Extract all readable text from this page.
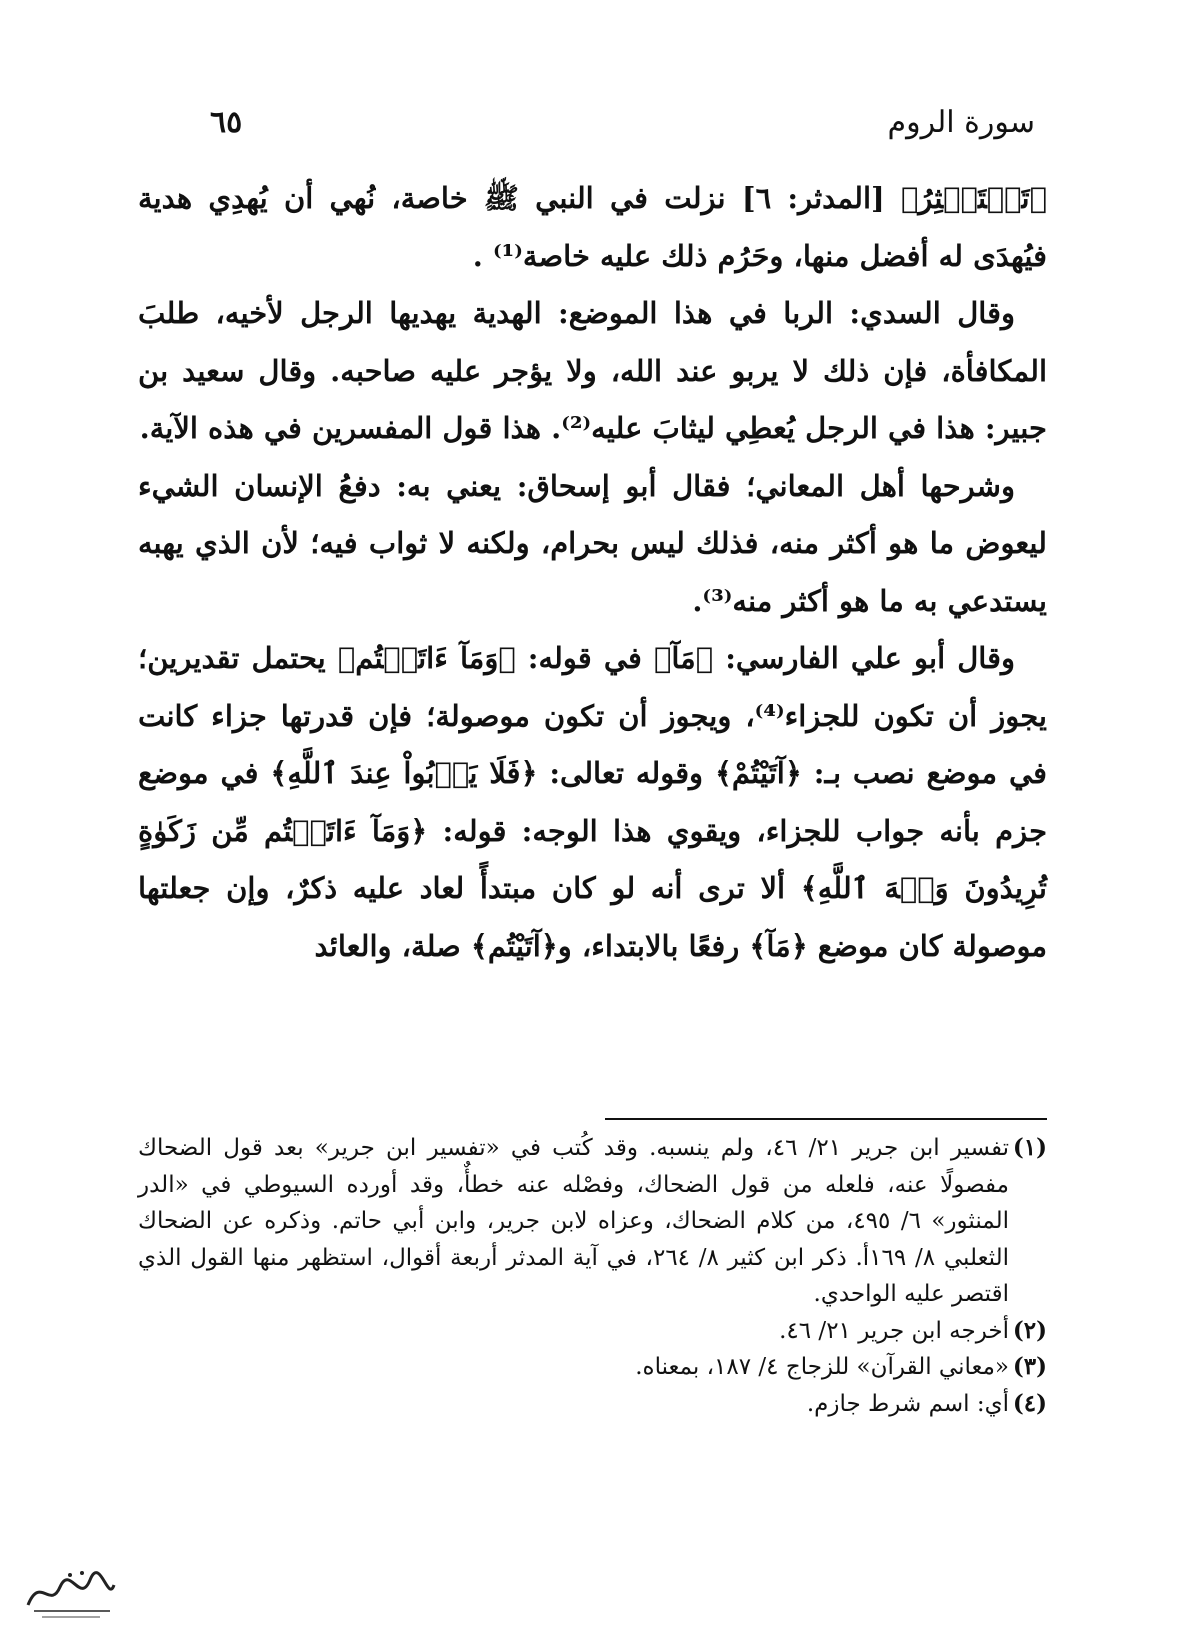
سورة الروم
٦٥

﴿تَسۡتَكۡثِرُ﴾ [المدثر: ٦] نزلت في النبي ﷺ خاصة، نُهي أن يُهدِي هدية فيُهدَى له أفضل منها، وحَرُم ذلك عليه خاصة⁽¹⁾ .

وقال السدي: الربا في هذا الموضع: الهدية يهديها الرجل لأخيه، طلبَ المكافأة، فإن ذلك لا يربو عند الله، ولا يؤجر عليه صاحبه. وقال سعيد بن جبير: هذا في الرجل يُعطِي ليثابَ عليه⁽²⁾. هذا قول المفسرين في هذه الآية.

وشرحها أهل المعاني؛ فقال أبو إسحاق: يعني به: دفعُ الإنسان الشيء ليعوض ما هو أكثر منه، فذلك ليس بحرام، ولكنه لا ثواب فيه؛ لأن الذي يهبه يستدعي به ما هو أكثر منه⁽³⁾.

وقال أبو علي الفارسي: ﴿مَآ﴾ في قوله: ﴿وَمَآ ءَاتَيۡتُم﴾ يحتمل تقديرين؛ يجوز أن تكون للجزاء⁽⁴⁾، ويجوز أن تكون موصولة؛ فإن قدرتها جزاء كانت في موضع نصب بـ: ﴿آتَيْتُمْ﴾ وقوله تعالى: ﴿فَلَا يَرۡبُواْ عِندَ ٱللَّهِ﴾ في موضع جزم بأنه جواب للجزاء، ويقوي هذا الوجه: قوله: ﴿وَمَآ ءَاتَيۡتُم مِّن زَكَوٰةٍ تُرِيدُونَ وَجۡهَ ٱللَّهِ﴾ ألا ترى أنه لو كان مبتدأً لعاد عليه ذكرٌ، وإن جعلتها موصولة كان موضع ﴿مَآ﴾ رفعًا بالابتداء، و﴿آتَيْتُم﴾ صلة، والعائد

(١)
تفسير ابن جرير ٢١/ ٤٦، ولم ينسبه. وقد كُتب في «تفسير ابن جرير» بعد قول الضحاك مفصولًا عنه، فلعله من قول الضحاك، وفصْله عنه خطأٌ، وقد أورده السيوطي في «الدر المنثور» ٦/ ٤٩٥، من كلام الضحاك، وعزاه لابن جرير، وابن أبي حاتم. وذكره عن الضحاك الثعلبي ٨/ ١٦٩أ. ذكر ابن كثير ٨/ ٢٦٤، في آية المدثر أربعة أقوال، استظهر منها القول الذي اقتصر عليه الواحدي.
(٢)
أخرجه ابن جرير ٢١/ ٤٦.
(٣)
«معاني القرآن» للزجاج ٤/ ١٨٧، بمعناه.
(٤)
أي: اسم شرط جازم.
